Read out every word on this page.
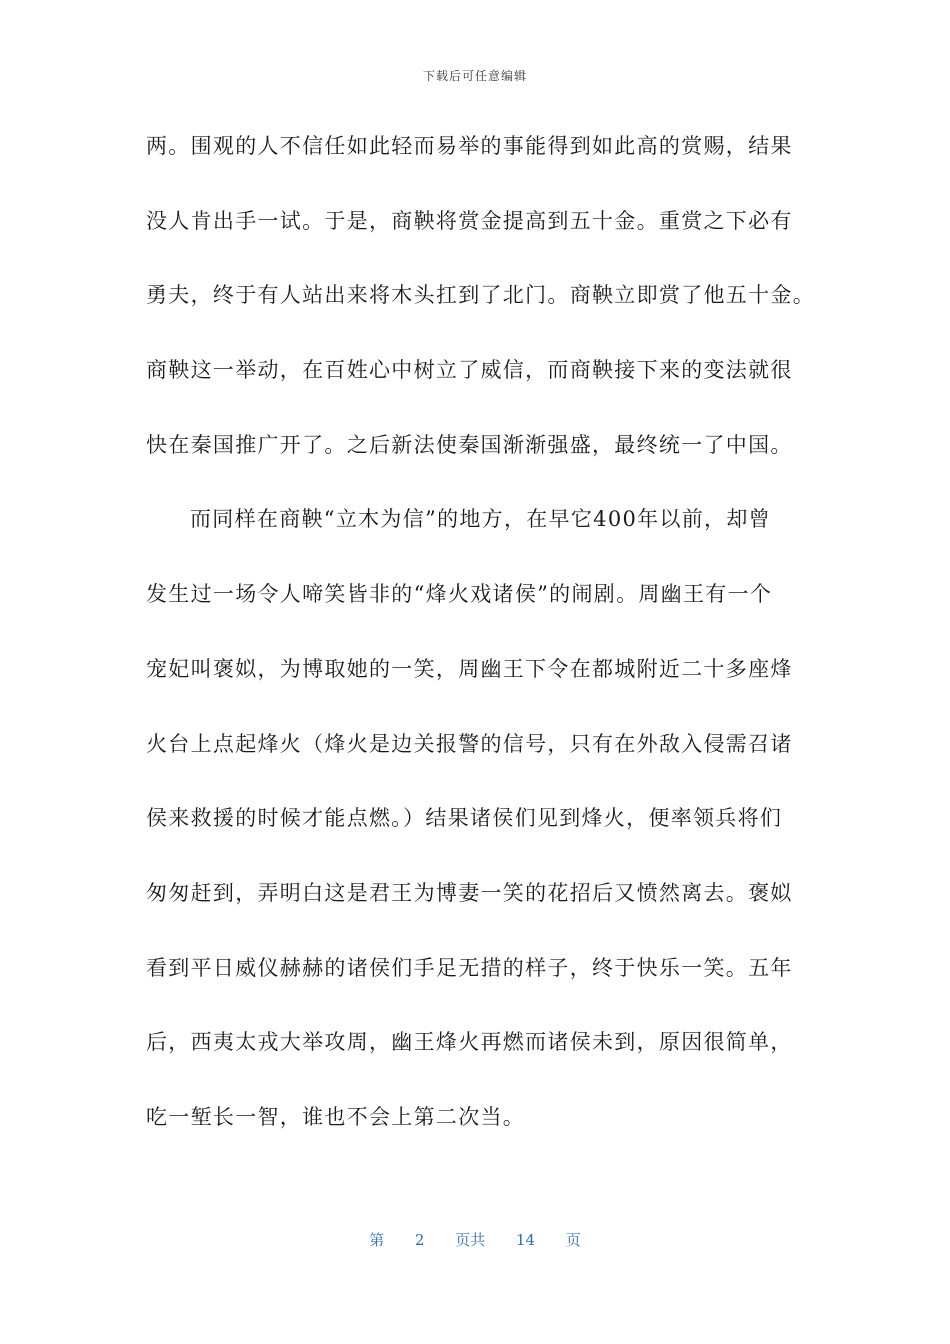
下载后可任意编辑
两。围观的人不信任如此轻而易举的事能得到如此高的赏赐，结果
没人肯出手一试。于是，商鞅将赏金提高到五十金。重赏之下必有
勇夫，终于有人站出来将木头扛到了北门。商鞅立即赏了他五十金。
商鞅这一举动，在百姓心中树立了威信，而商鞅接下来的变法就很
快在秦国推广开了。之后新法使秦国渐渐强盛，最终统一了中国。
而同样在商鞅“立木为信”的地方，在早它400年以前，却曾
发生过一场令人啼笑皆非的“烽火戏诸侯”的闹剧。周幽王有一个
宠妃叫褒姒，为博取她的一笑，周幽王下令在都城附近二十多座烽
火台上点起烽火（烽火是边关报警的信号，只有在外敌入侵需召诸
侯来救援的时候才能点燃。）结果诸侯们见到烽火，便率领兵将们
匆匆赶到，弄明白这是君王为博妻一笑的花招后又愤然离去。褒姒
看到平日威仪赫赫的诸侯们手足无措的样子，终于快乐一笑。五年
后，西夷太戎大举攻周，幽王烽火再燃而诸侯未到，原因很简单，
吃一堑长一智，谁也不会上第二次当。
第 2 页共 14 页
